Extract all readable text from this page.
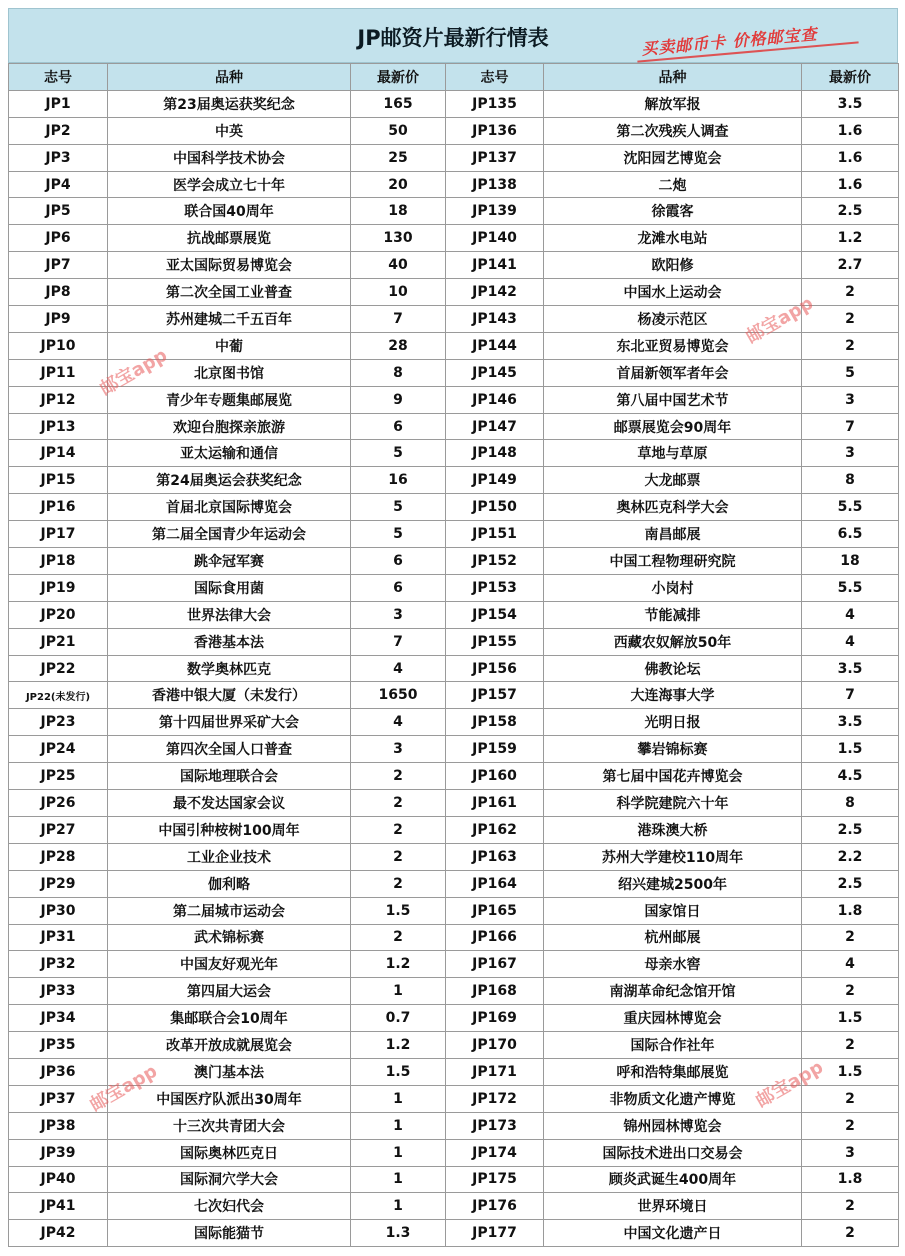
JP邮资片最新行情表	买卖邮币卡 价格邮宝查
志号	品种	最新价	志号	品种	最新价
JP1	第23届奥运获奖纪念	165	JP135	解放军报	3.5
JP2	中英	50	JP136	第二次残疾人调查	1.6
JP3	中国科学技术协会	25	JP137	沈阳园艺博览会	1.6
JP4	医学会成立七十年	20	JP138	二炮	1.6
JP5	联合国40周年	18	JP139	徐霞客	2.5
JP6	抗战邮票展览	130	JP140	龙滩水电站	1.2
JP7	亚太国际贸易博览会	40	JP141	欧阳修	2.7
JP8	第二次全国工业普查	10	JP142	中国水上运动会	2
JP9	苏州建城二千五百年	7	JP143	杨凌示范区	2
JP10	中葡	28	JP144	东北亚贸易博览会	2
JP11	北京图书馆	8	JP145	首届新领军者年会	5
JP12	青少年专题集邮展览	9	JP146	第八届中国艺术节	3
JP13	欢迎台胞探亲旅游	6	JP147	邮票展览会90周年	7
JP14	亚太运输和通信	5	JP148	草地与草原	3
JP15	第24届奥运会获奖纪念	16	JP149	大龙邮票	8
JP16	首届北京国际博览会	5	JP150	奥林匹克科学大会	5.5
JP17	第二届全国青少年运动会	5	JP151	南昌邮展	6.5
JP18	跳伞冠军赛	6	JP152	中国工程物理研究院	18
JP19	国际食用菌	6	JP153	小岗村	5.5
JP20	世界法律大会	3	JP154	节能减排	4
JP21	香港基本法	7	JP155	西藏农奴解放50年	4
JP22	数学奥林匹克	4	JP156	佛教论坛	3.5
JP22(未发行)	香港中银大厦（未发行）	1650	JP157	大连海事大学	7
JP23	第十四届世界采矿大会	4	JP158	光明日报	3.5
JP24	第四次全国人口普查	3	JP159	攀岩锦标赛	1.5
JP25	国际地理联合会	2	JP160	第七届中国花卉博览会	4.5
JP26	最不发达国家会议	2	JP161	科学院建院六十年	8
JP27	中国引种桉树100周年	2	JP162	港珠澳大桥	2.5
JP28	工业企业技术	2	JP163	苏州大学建校110周年	2.2
JP29	伽利略	2	JP164	绍兴建城2500年	2.5
JP30	第二届城市运动会	1.5	JP165	国家馆日	1.8
JP31	武术锦标赛	2	JP166	杭州邮展	2
JP32	中国友好观光年	1.2	JP167	母亲水窖	4
JP33	第四届大运会	1	JP168	南湖革命纪念馆开馆	2
JP34	集邮联合会10周年	0.7	JP169	重庆园林博览会	1.5
JP35	改革开放成就展览会	1.2	JP170	国际合作社年	2
JP36	澳门基本法	1.5	JP171	呼和浩特集邮展览	1.5
JP37	中国医疗队派出30周年	1	JP172	非物质文化遗产博览	2
JP38	十三次共青团大会	1	JP173	锦州园林博览会	2
JP39	国际奥林匹克日	1	JP174	国际技术进出口交易会	3
JP40	国际洞穴学大会	1	JP175	顾炎武诞生400周年	1.8
JP41	七次妇代会	1	JP176	世界环境日	2
JP42	国际能猫节	1.3	JP177	中国文化遗产日	2
邮宝app
邮宝app
邮宝app	邮宝app
